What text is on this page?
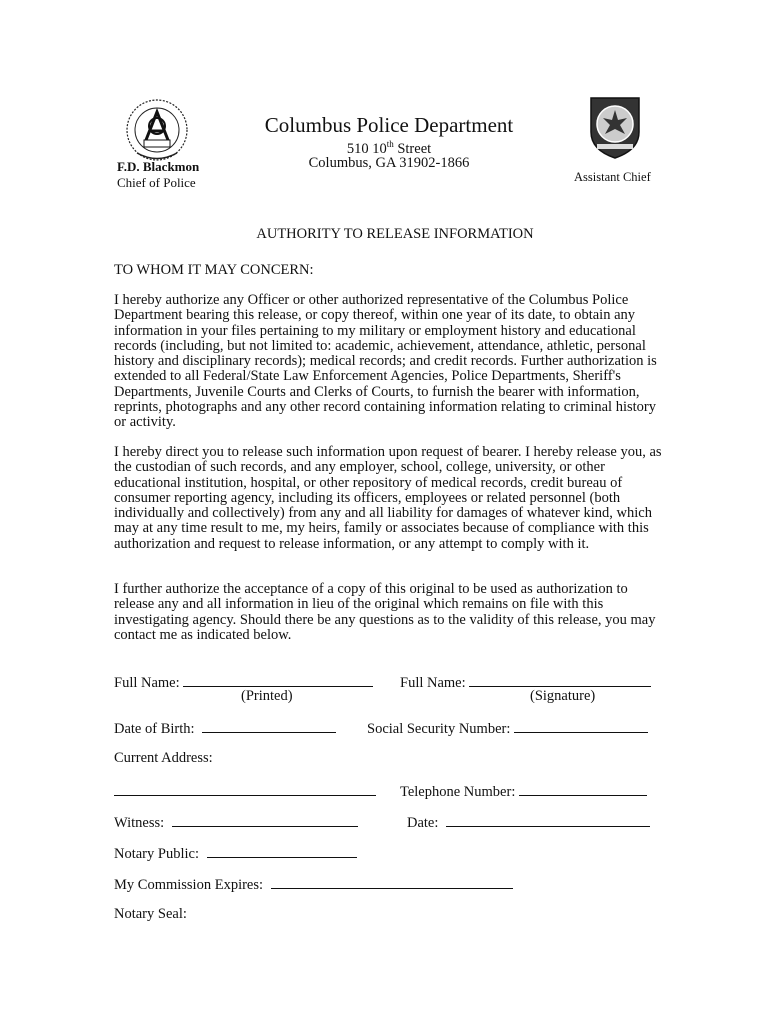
Columbus Police Department
510 10th Street
Columbus, GA 31902-1866
F.D. Blackmon
Chief of Police	Assistant Chief
AUTHORITY TO RELEASE INFORMATION
TO WHOM IT MAY CONCERN:
I hereby authorize any Officer or other authorized representative of the Columbus Police Department bearing this release, or copy thereof, within one year of its date, to obtain any information in your files pertaining to my military or employment history and educational records (including, but not limited to: academic, achievement, attendance, athletic, personal history and disciplinary records); medical records; and credit records. Further authorization is extended to all Federal/State Law Enforcement Agencies, Police Departments, Sheriff's Departments, Juvenile Courts and Clerks of Courts, to furnish the bearer with information, reprints, photographs and any other record containing information relating to criminal history or activity.
I hereby direct you to release such information upon request of bearer. I hereby release you, as the custodian of such records, and any employer, school, college, university, or other educational institution, hospital, or other repository of medical records, credit bureau of consumer reporting agency, including its officers, employees or related personnel (both individually and collectively) from any and all liability for damages of whatever kind, which may at any time result to me, my heirs, family or associates because of compliance with this authorization and request to release information, or any attempt to comply with it.
I further authorize the acceptance of a copy of this original to be used as authorization to release any and all information in lieu of the original which remains on file with this investigating agency. Should there be any questions as to the validity of this release, you may contact me as indicated below.
Full Name:
(Printed)
Full Name:
(Signature)
Date of Birth:	Social Security Number:
Current Address:
Telephone Number:
Witness:	Date:
Notary Public:
My Commission Expires:
Notary Seal:
